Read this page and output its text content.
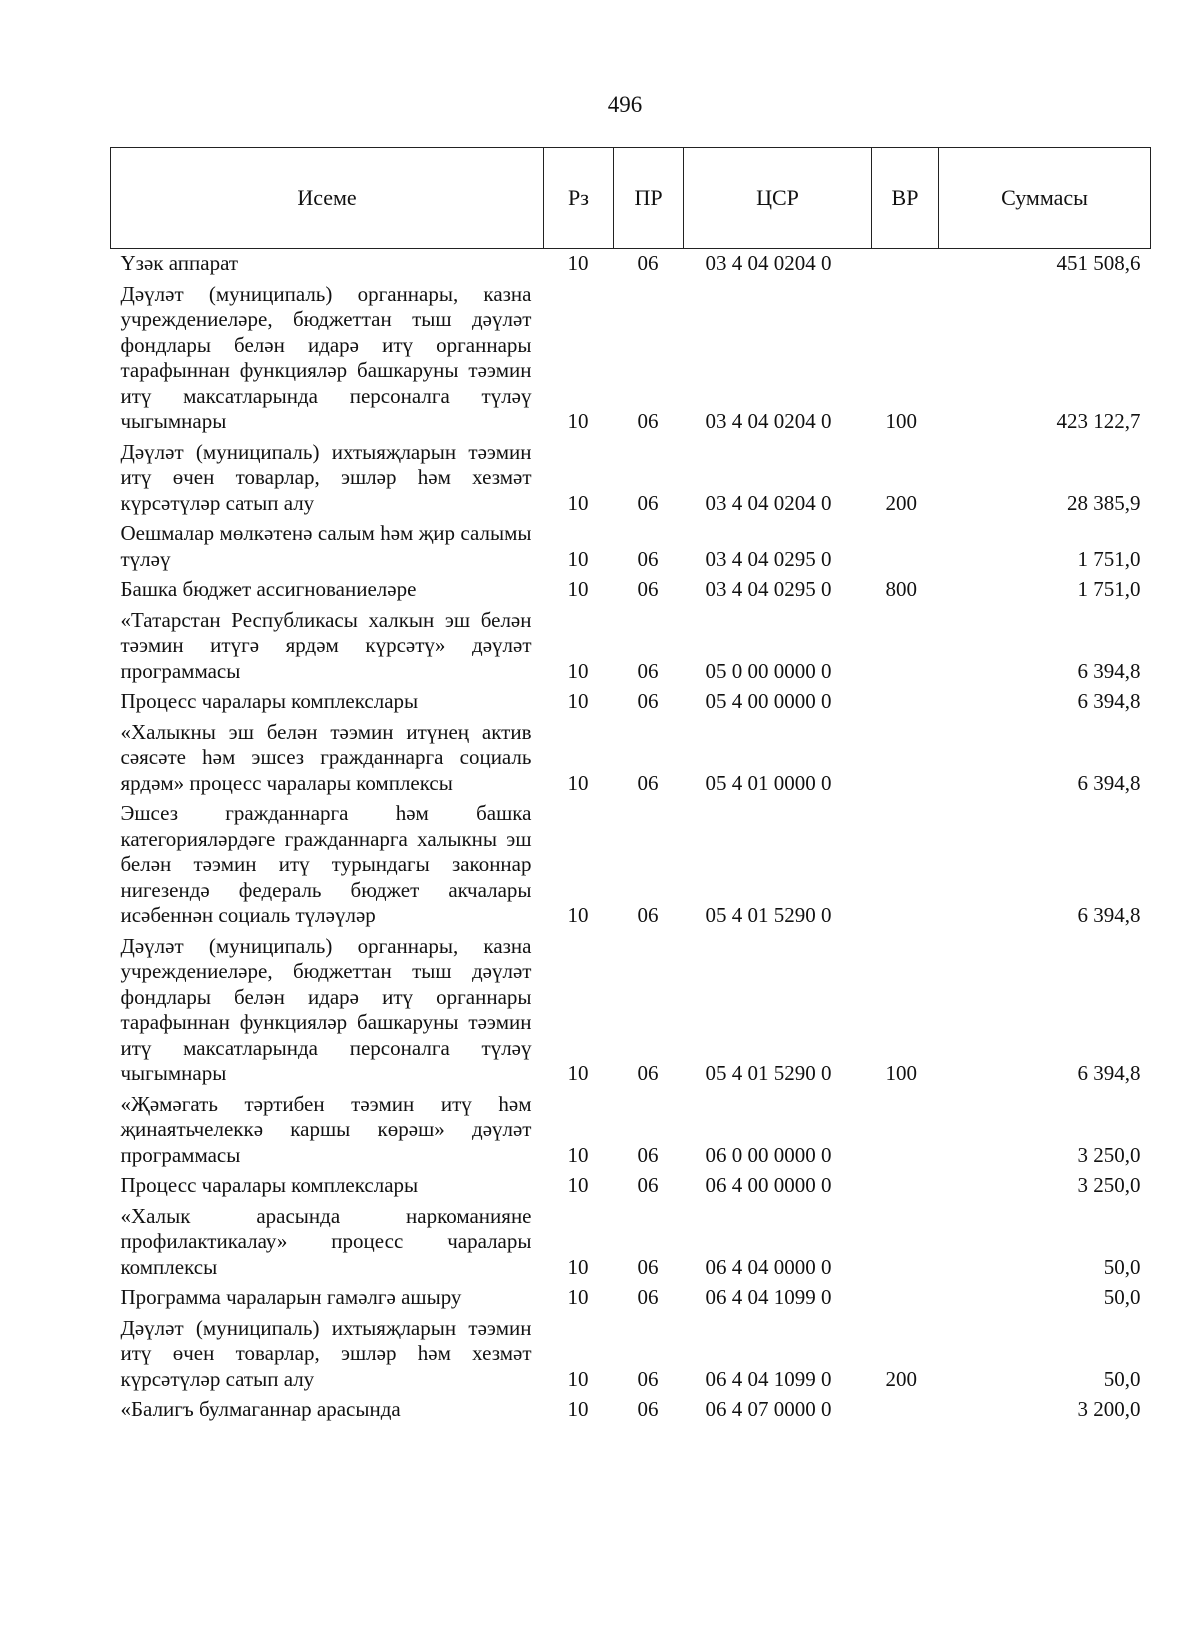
496
Исеме	Рз	ПР	ЦСР	ВР	Суммасы
Үзәк аппарат	10	06	03 4 04 0204 0		451 508,6
Дәүләт (муниципаль) органнары, казна учреждениеләре, бюджеттан тыш дәүләт фондлары белән идарә итү органнары тарафыннан функцияләр башкаруны тәэмин итү максатларында персоналга түләү чыгымнары	10	06	03 4 04 0204 0	100	423 122,7
Дәүләт (муниципаль) ихтыяҗларын тәэмин итү өчен товарлар, эшләр һәм хезмәт күрсәтүләр сатып алу	10	06	03 4 04 0204 0	200	28 385,9
Оешмалар мөлкәтенә салым һәм җир салымы түләү	10	06	03 4 04 0295 0		1 751,0
Башка бюджет ассигнованиеләре	10	06	03 4 04 0295 0	800	1 751,0
«Татарстан Республикасы халкын эш белән тәэмин итүгә ярдәм күрсәтү» дәүләт программасы	10	06	05 0 00 0000 0		6 394,8
Процесс чаралары комплекслары	10	06	05 4 00 0000 0		6 394,8
«Халыкны эш белән тәэмин итүнең актив сәясәте һәм эшсез гражданнарга социаль ярдәм» процесс чаралары комплексы	10	06	05 4 01 0000 0		6 394,8
Эшсез гражданнарга һәм башка категорияләрдәге гражданнарга халыкны эш белән тәэмин итү турындагы законнар нигезендә федераль бюджет акчалары исәбеннән социаль түләүләр	10	06	05 4 01 5290 0		6 394,8
Дәүләт (муниципаль) органнары, казна учреждениеләре, бюджеттан тыш дәүләт фондлары белән идарә итү органнары тарафыннан функцияләр башкаруны тәэмин итү максатларында персоналга түләү чыгымнары	10	06	05 4 01 5290 0	100	6 394,8
«Җәмәгать тәртибен тәэмин итү һәм җинаятьчелеккә каршы көрәш» дәүләт программасы	10	06	06 0 00 0000 0		3 250,0
Процесс чаралары комплекслары	10	06	06 4 00 0000 0		3 250,0
«Халык арасында наркоманияне профилактикалау» процесс чаралары комплексы	10	06	06 4 04 0000 0		50,0
Программа чараларын гамәлгә ашыру	10	06	06 4 04 1099 0		50,0
Дәүләт (муниципаль) ихтыяҗларын тәэмин итү өчен товарлар, эшләр һәм хезмәт күрсәтүләр сатып алу	10	06	06 4 04 1099 0	200	50,0
«Балигъ булмаганнар арасында	10	06	06 4 07 0000 0		3 200,0
